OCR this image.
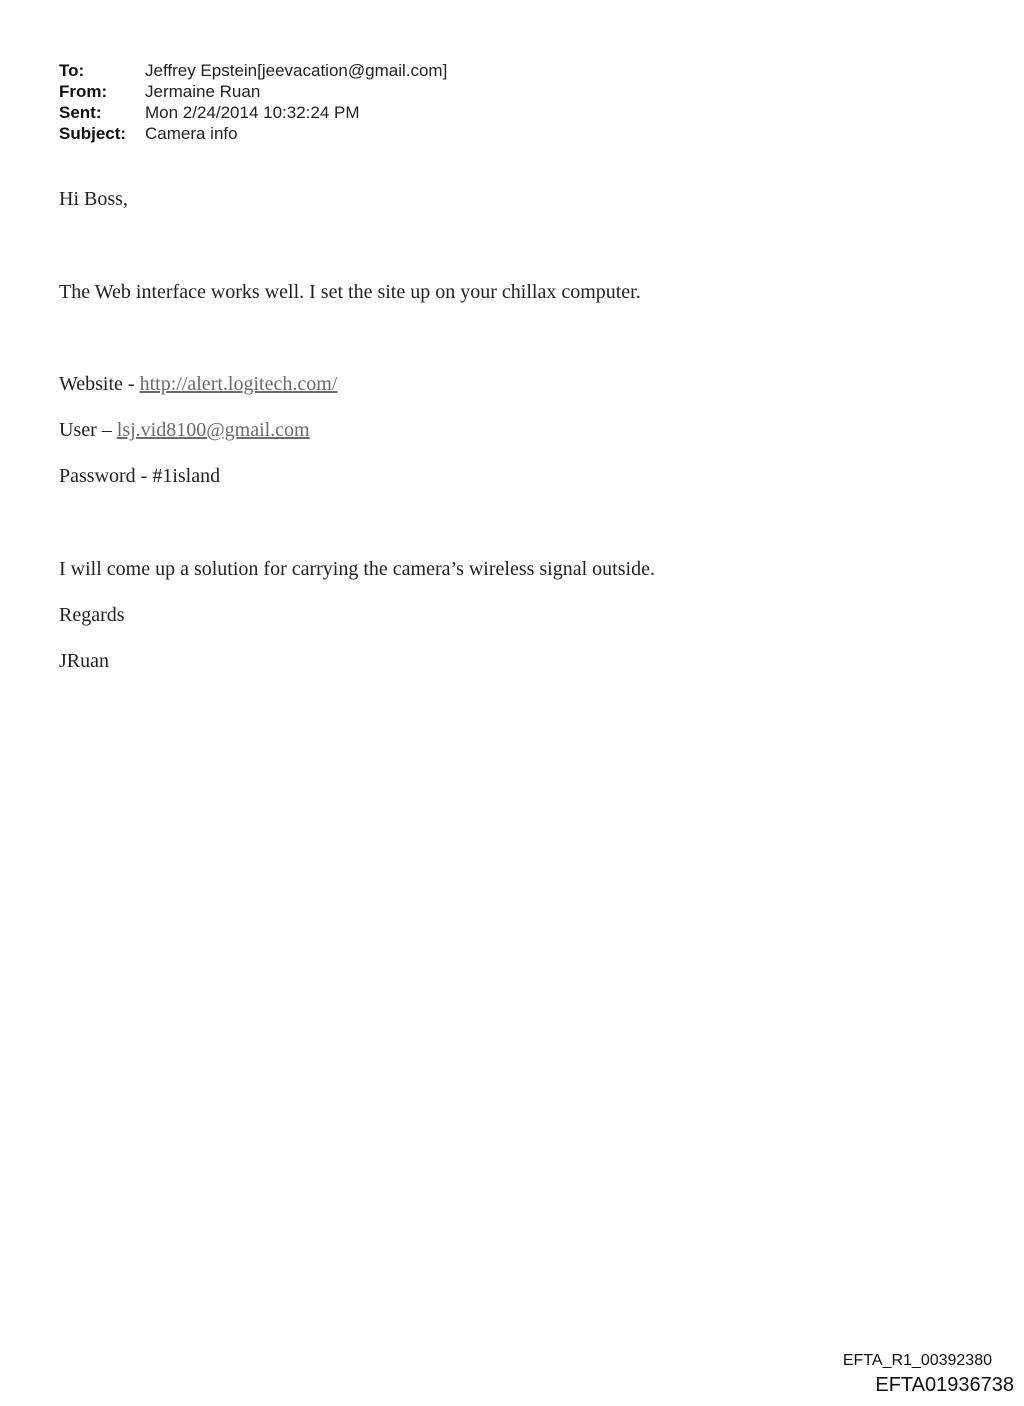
To:	Jeffrey Epstein[jeevacation@gmail.com]
From:	Jermaine Ruan
Sent:	Mon 2/24/2014 10:32:24 PM
Subject:	Camera info
Hi Boss,
The Web interface works well. I set the site up on your chillax computer.
Website - http://alert.logitech.com/
User – lsj.vid8100@gmail.com
Password - #1island
I will come up a solution for carrying the camera’s wireless signal outside.
Regards
JRuan
EFTA_R1_00392380
EFTA01936738
